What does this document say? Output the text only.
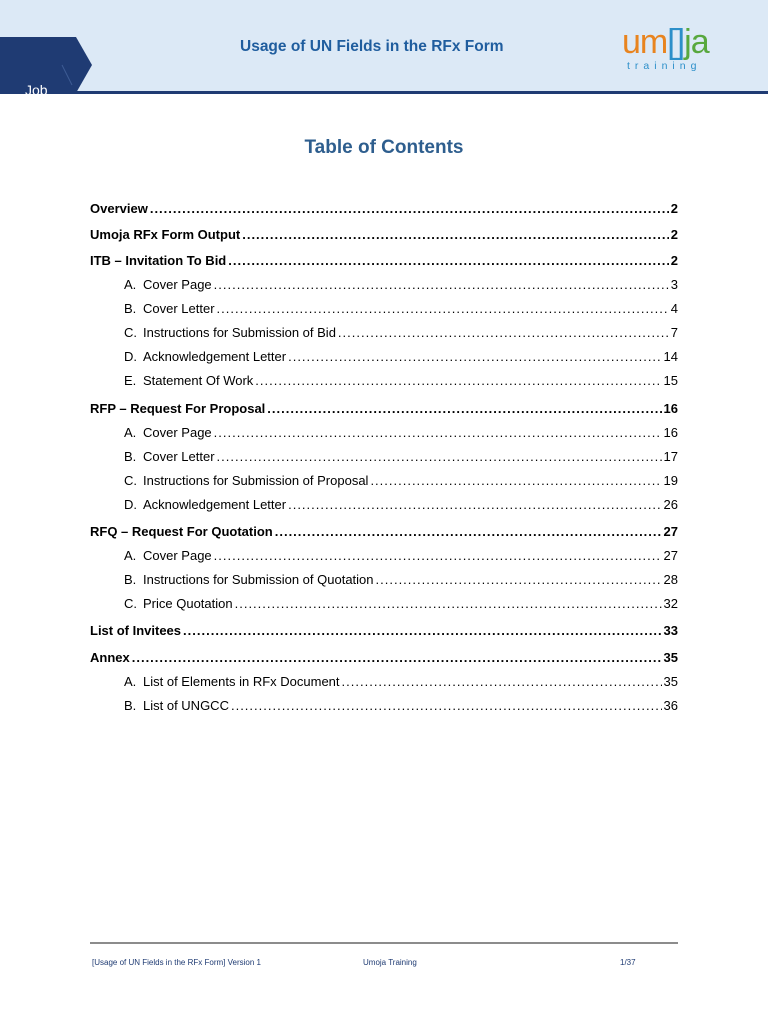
Job
Aid
Usage of UN Fields in the RFx Form	um[]ja
training
Table of Contents
Overview .....	2
Umoja RFx Form Output .....	2
ITB – Invitation To Bid .....	2
A. Cover Page .....	3
B. Cover Letter .....	4
C. Instructions for Submission of Bid .....	7
D. Acknowledgement Letter .....	14
E. Statement Of Work .....	15
RFP – Request For Proposal .....	16
A. Cover Page .....	16
B. Cover Letter .....	17
C. Instructions for Submission of Proposal .....	19
D. Acknowledgement Letter .....	26
RFQ – Request For Quotation .....	27
A. Cover Page .....	27
B. Instructions for Submission of Quotation .....	28
C. Price Quotation .....	32
List of Invitees .....	33
Annex .....	35
A. List of Elements in RFx Document .....	35
B. List of UNGCC .....	36
[Usage of UN Fields in the RFx Form] Version 1	Umoja Training	1/37
